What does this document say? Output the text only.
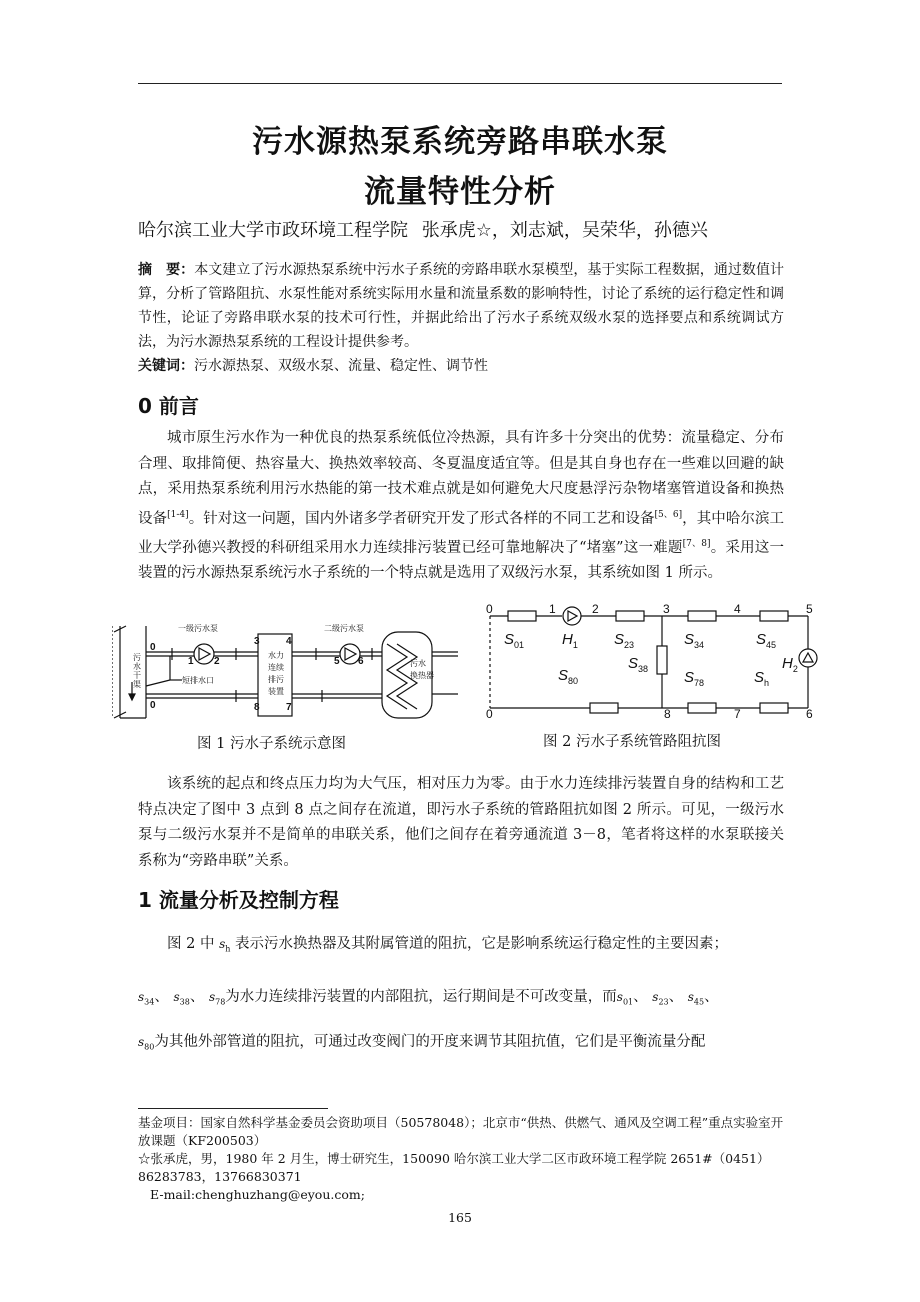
污水源热泵系统旁路串联水泵
流量特性分析
哈尔滨工业大学市政环境工程学院 张承虎☆，刘志斌，吴荣华，孙德兴
摘　要：本文建立了污水源热泵系统中污水子系统的旁路串联水泵模型，基于实际工程数据，通过数值计算，分析了管路阻抗、水泵性能对系统实际用水量和流量系数的影响特性，讨论了系统的运行稳定性和调节性，论证了旁路串联水泵的技术可行性，并据此给出了污水子系统双级水泵的选择要点和系统调试方法，为污水源热泵系统的工程设计提供参考。
关键词：污水源热泵、双级水泵、流量、稳定性、调节性
0 前言
城市原生污水作为一种优良的热泵系统低位冷热源，具有许多十分突出的优势：流量稳定、分布合理、取排简便、热容量大、换热效率较高、冬夏温度适宜等。但是其自身也存在一些难以回避的缺点，采用热泵系统利用污水热能的第一技术难点就是如何避免大尺度悬浮污杂物堵塞管道设备和换热设备[1-4]。针对这一问题，国内外诸多学者研究开发了形式各样的不同工艺和设备[5、6]，其中哈尔滨工业大学孙德兴教授的科研组采用水力连续排污装置已经可靠地解决了“堵塞”这一难题[7、8]。采用这一装置的污水源热泵系统污水子系统的一个特点就是选用了双级污水泵，其系统如图 1 所示。
一级污水泵	二级污水泵
水力
连续
排污
装置
污水
换热器
污
水
干
渠	短排水口
0
1 2
3	4
5 6
0	8	7
图 1 污水子系统示意图
0	1	2	3	4	5
0	8	7	6
$S_{01}$	$H_1$ $S_{23}$	$S_{34}$	$S_{45}$
$S_{38}$	$H_2$
$S_{80}$	$S_{78}$	$S_h$
图 2 污水子系统管路阻抗图
该系统的起点和终点压力均为大气压，相对压力为零。由于水力连续排污装置自身的结构和工艺特点决定了图中 3 点到 8 点之间存在流道，即污水子系统的管路阻抗如图 2 所示。可见，一级污水泵与二级污水泵并不是简单的串联关系，他们之间存在着旁通流道 3－8，笔者将这样的水泵联接关系称为“旁路串联”关系。
1 流量分析及控制方程
图 2 中 $s_h$ 表示污水换热器及其附属管道的阻抗，它是影响系统运行稳定性的主要因素；
$s_{34}$、 $s_{38}$、 $s_{78}$为水力连续排污装置的内部阻抗，运行期间是不可改变量，而$s_{01}$、 $s_{23}$、 $s_{45}$、
$s_{80}$为其他外部管道的阻抗，可通过改变阀门的开度来调节其阻抗值，它们是平衡流量分配
基金项目：国家自然科学基金委员会资助项目（50578048）；北京市“供热、供燃气、通风及空调工程”重点实验室开放课题（KF200503）
☆张承虎，男，1980 年 2 月生，博士研究生，150090 哈尔滨工业大学二区市政环境工程学院 2651#（0451）86283783，13766830371
E-mail:chenghuzhang@eyou.com;
165
